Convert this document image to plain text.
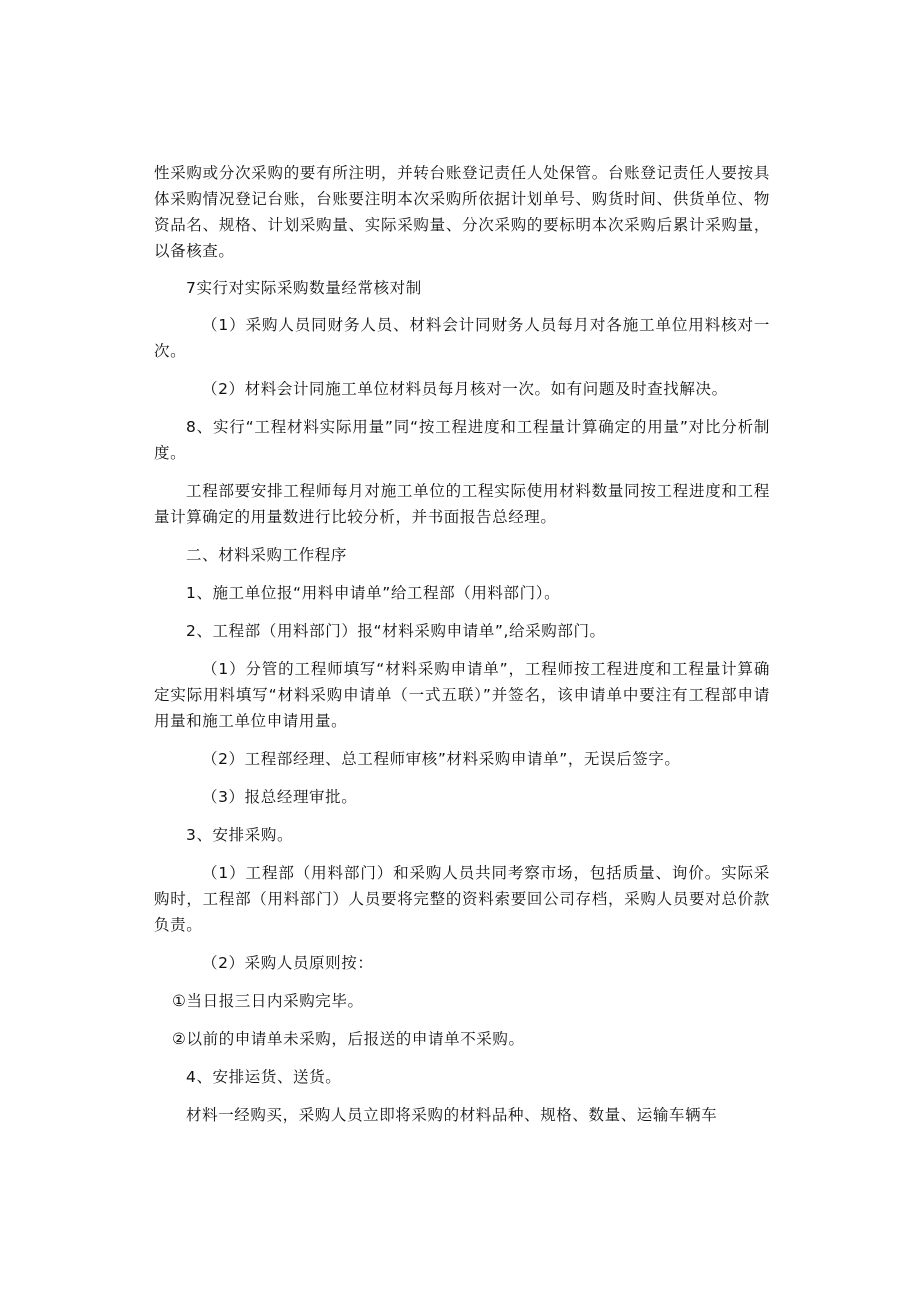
性采购或分次采购的要有所注明，并转台账登记责任人处保管。台账登记责任人要按具体采购情况登记台账，台账要注明本次采购所依据计划单号、购货时间、供货单位、物资品名、规格、计划采购量、实际采购量、分次采购的要标明本次采购后累计采购量，以备核查。

7实行对实际采购数量经常核对制

（1）采购人员同财务人员、材料会计同财务人员每月对各施工单位用料核对一次。

（2）材料会计同施工单位材料员每月核对一次。如有问题及时查找解决。

8、实行“工程材料实际用量”同“按工程进度和工程量计算确定的用量”对比分析制度。

工程部要安排工程师每月对施工单位的工程实际使用材料数量同按工程进度和工程量计算确定的用量数进行比较分析，并书面报告总经理。

二、材料采购工作程序

1、施工单位报“用料申请单”给工程部（用料部门）。

2、工程部（用料部门）报“材料采购申请单”,给采购部门。

（1）分管的工程师填写“材料采购申请单”，工程师按工程进度和工程量计算确定实际用料填写“材料采购申请单（一式五联）”并签名，该申请单中要注有工程部申请用量和施工单位申请用量。

（2）工程部经理、总工程师审核”材料采购申请单”，无误后签字。

（3）报总经理审批。

3、安排采购。

（1）工程部（用料部门）和采购人员共同考察市场，包括质量、询价。实际采购时，工程部（用料部门）人员要将完整的资料索要回公司存档，采购人员要对总价款负责。

（2）采购人员原则按：

①当日报三日内采购完毕。

②以前的申请单未采购，后报送的申请单不采购。

4、安排运货、送货。

材料一经购买，采购人员立即将采购的材料品种、规格、数量、运输车辆车
